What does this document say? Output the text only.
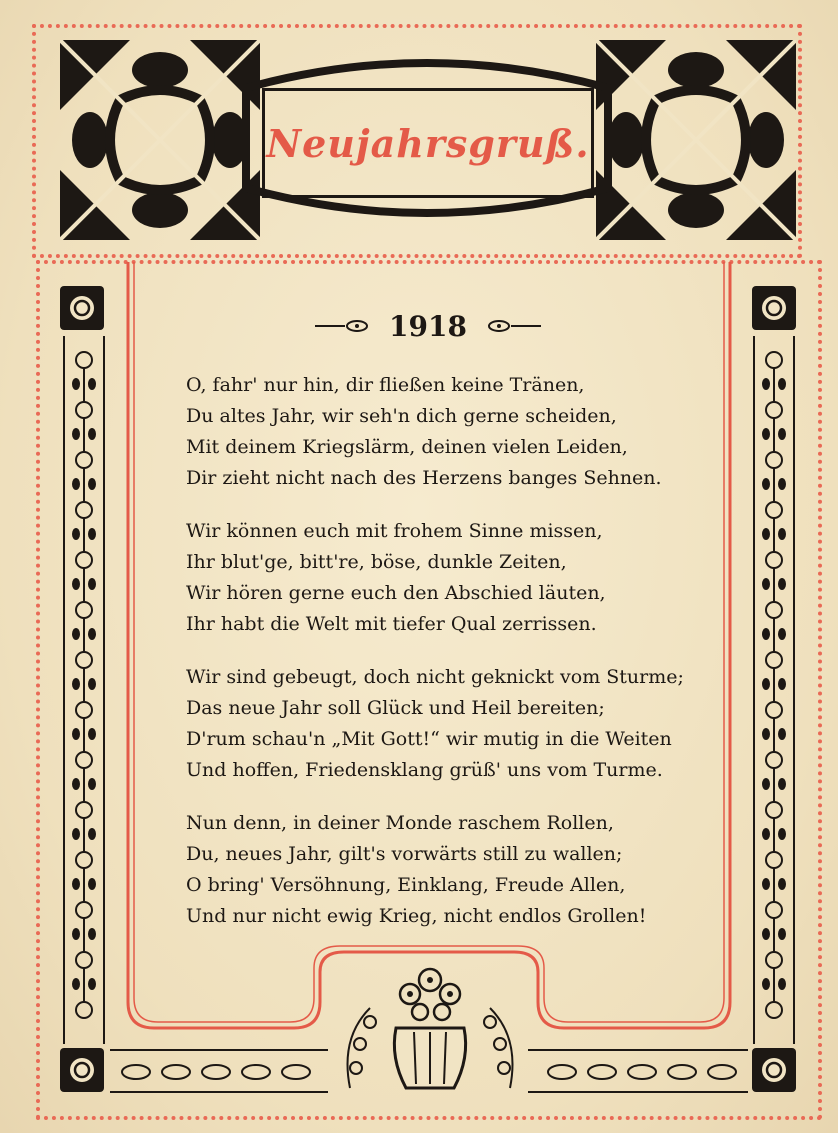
Neujahrsgruß.
1918
O, fahr' nur hin, dir fließen keine Tränen,
Du altes Jahr, wir seh'n dich gerne scheiden,
Mit deinem Kriegslärm, deinen vielen Leiden,
Dir zieht nicht nach des Herzens banges Sehnen.
Wir können euch mit frohem Sinne missen,
Ihr blut'ge, bitt're, böse, dunkle Zeiten,
Wir hören gerne euch den Abschied läuten,
Ihr habt die Welt mit tiefer Qual zerrissen.
Wir sind gebeugt, doch nicht geknickt vom Sturme;
Das neue Jahr soll Glück und Heil bereiten;
D'rum schau'n „Mit Gott!“ wir mutig in die Weiten
Und hoffen, Friedensklang grüß' uns vom Turme.
Nun denn, in deiner Monde raschem Rollen,
Du, neues Jahr, gilt's vorwärts still zu wallen;
O bring' Versöhnung, Einklang, Freude Allen,
Und nur nicht ewig Krieg, nicht endlos Grollen!
